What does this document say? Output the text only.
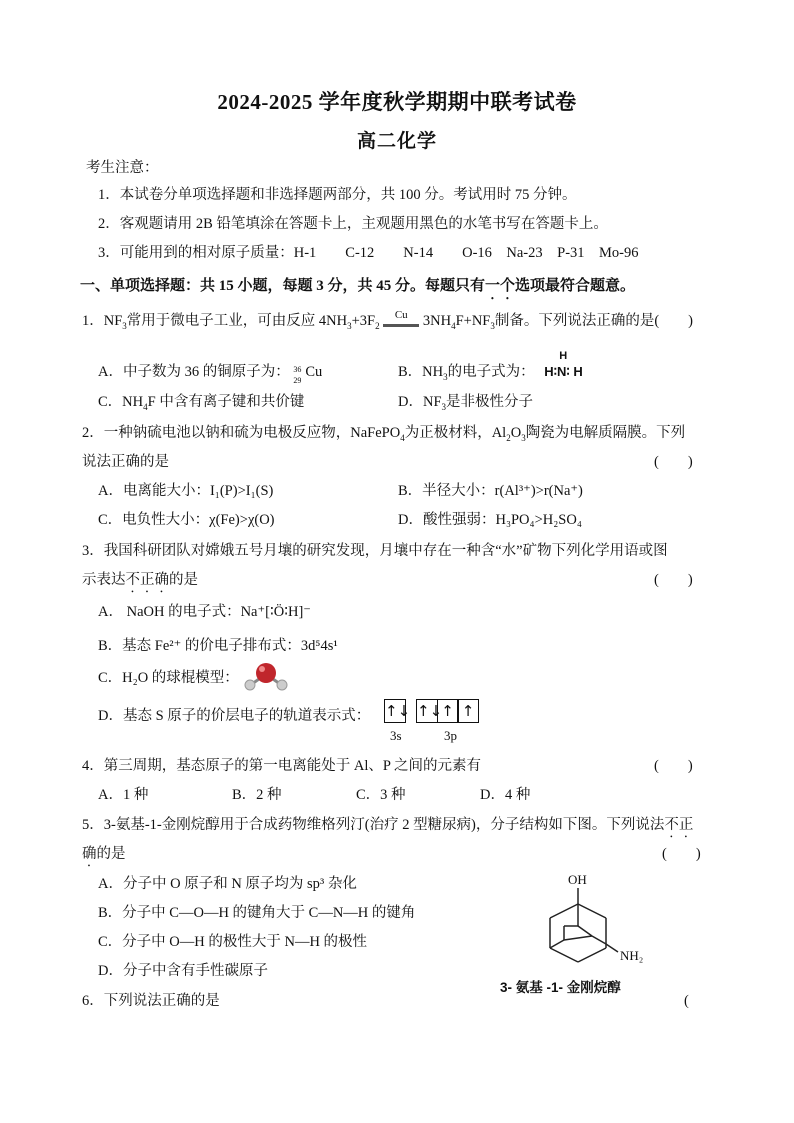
2024-2025 学年度秋学期期中联考试卷
高二化学
考生注意：
1．本试卷分单项选择题和非选择题两部分，共 100 分。考试用时 75 分钟。
2．客观题请用 2B 铅笔填涂在答题卡上，主观题用黑色的水笔书写在答题卡上。
3．可能用到的相对原子质量：H-1　　C-12　　N-14　　O-16　Na-23　P-31　Mo-96
一、单项选择题：共 15 小题，每题 3 分，共 45 分。每题只有一个选项最符合题意。
1．$NF_3$常用于微电子工业，可由反应 $4NH_3+3F_2$
Cu	$3NH_4F+NF_3$制备。下列说法正确的是(　　)
A．中子数为 36 的铜原子为： 36
29
Cu	B．$NH_3$的电子式为：
H
H∶N∶ H
C．$NH_4F$ 中含有离子键和共价键	D．$NF_3$是非极性分子
2．一种钠硫电池以钠和硫为电极反应物，NaFePO$_4$为正极材料，$Al_2O_3$陶瓷为电解质隔膜。下列
说法正确的是	(　　)
A．电离能大小：I₁(P)>I₁(S)	B．半径大小：r(Al³⁺)>r(Na⁺)
C．电负性大小：χ(Fe)>χ(O)	D．酸性强弱：H₃PO₄>H₂SO₄
3．我国科研团队对嫦娥五号月壤的研究发现，月壤中存在一种含“水”矿物下列化学用语或图
示表达不正确的是	(　　)
A． NaOH 的电子式：Na⁺[∶Ö∶H]⁻
B．基态 Fe²⁺ 的价电子排布式：3d⁵4s¹
C．H₂O 的球棍模型：
D．基态 S 原子的价层电子的轨道表示式： ↑↓ ↑↓ ↑ ↑
3s	3p
4．第三周期，基态原子的第一电离能处于 Al、P 之间的元素有	(　　)
A．1 种	B．2 种	C．3 种	D．4 种
5．3-氨基-1-金刚烷醇用于合成药物维格列汀(治疗 2 型糖尿病)，分子结构如下图。下列说法不正
确的是	(　　)
A．分子中 O 原子和 N 原子均为 sp³ 杂化
B．分子中 C—O—H 的键角大于 C—N—H 的键角
C．分子中 O—H 的极性大于 N—H 的极性
D．分子中含有手性碳原子
OH
NH₂
3- 氨基 -1- 金刚烷醇
6．下列说法正确的是	(
